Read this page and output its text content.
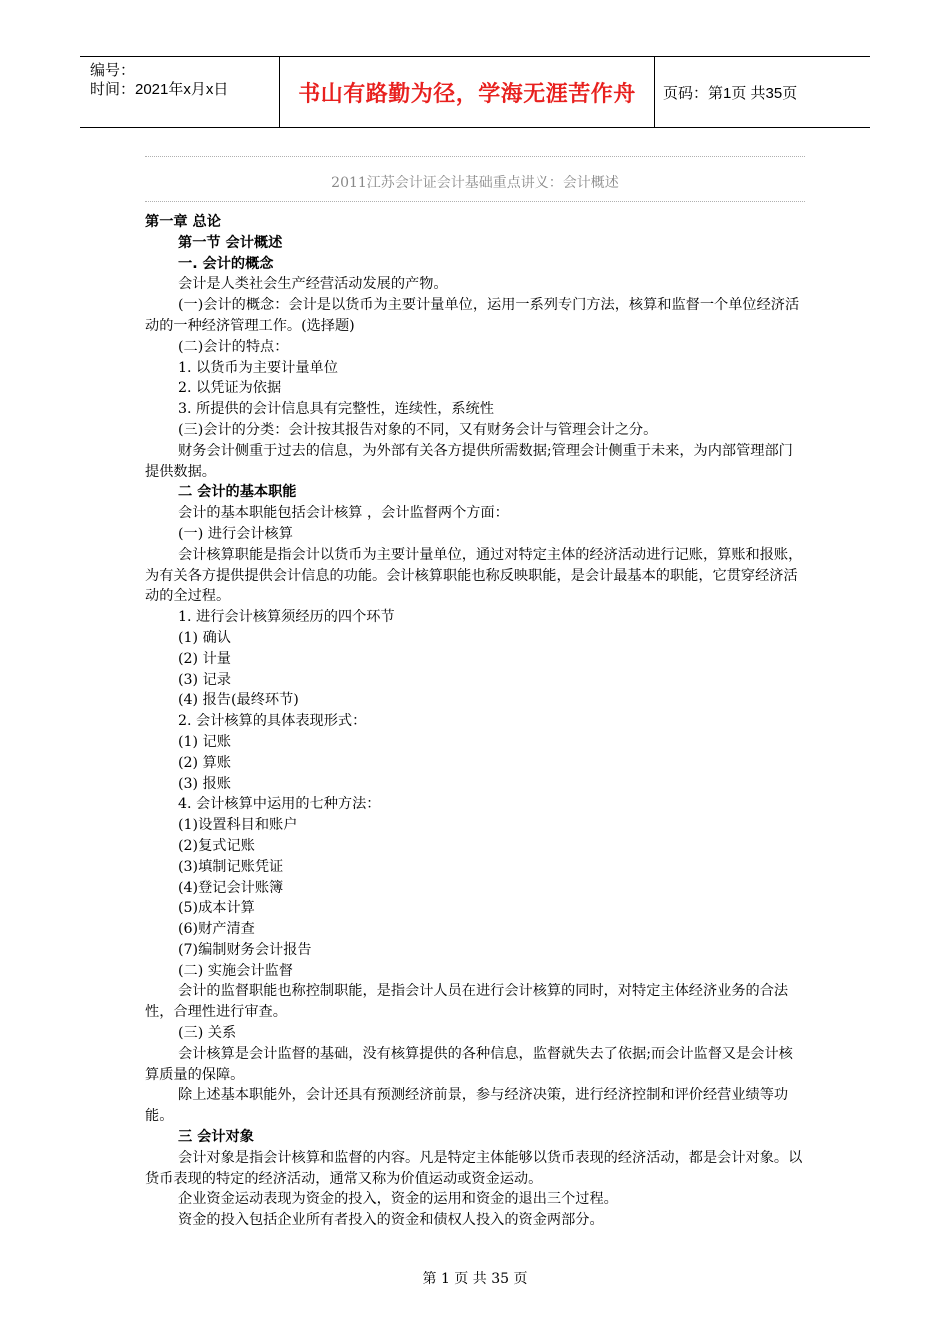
编号：
时间：2021年x月x日	书山有路勤为径，学海无涯苦作舟	页码：第1页 共35页
2011江苏会计证会计基础重点讲义：会计概述

第一章 总论

第一节 会计概述

一. 会计的概念

会计是人类社会生产经营活动发展的产物。

(一)会计的概念：会计是以货币为主要计量单位，运用一系列专门方法，核算和监督一个单位经济活动的一种经济管理工作。(选择题)

(二)会计的特点：

1. 以货币为主要计量单位

2. 以凭证为依据

3. 所提供的会计信息具有完整性，连续性，系统性

(三)会计的分类：会计按其报告对象的不同，又有财务会计与管理会计之分。

财务会计侧重于过去的信息，为外部有关各方提供所需数据;管理会计侧重于未来，为内部管理部门提供数据。

二 会计的基本职能

会计的基本职能包括会计核算 ，会计监督两个方面：

(一) 进行会计核算

会计核算职能是指会计以货币为主要计量单位，通过对特定主体的经济活动进行记账，算账和报账，为有关各方提供提供会计信息的功能。会计核算职能也称反映职能，是会计最基本的职能，它贯穿经济活动的全过程。

1. 进行会计核算须经历的四个环节

(1) 确认

(2) 计量

(3) 记录

(4) 报告(最终环节)

2. 会计核算的具体表现形式：

(1) 记账

(2) 算账

(3) 报账

4. 会计核算中运用的七种方法：

(1)设置科目和账户

(2)复式记账

(3)填制记账凭证

(4)登记会计账簿

(5)成本计算

(6)财产清查

(7)编制财务会计报告

(二) 实施会计监督

会计的监督职能也称控制职能，是指会计人员在进行会计核算的同时，对特定主体经济业务的合法性，合理性进行审查。

(三) 关系

会计核算是会计监督的基础，没有核算提供的各种信息，监督就失去了依据;而会计监督又是会计核算质量的保障。

除上述基本职能外，会计还具有预测经济前景，参与经济决策，进行经济控制和评价经营业绩等功能。

三 会计对象

会计对象是指会计核算和监督的内容。凡是特定主体能够以货币表现的经济活动，都是会计对象。以货币表现的特定的经济活动，通常又称为价值运动或资金运动。

企业资金运动表现为资金的投入，资金的运用和资金的退出三个过程。

资金的投入包括企业所有者投入的资金和债权人投入的资金两部分。

第 1 页 共 35 页
